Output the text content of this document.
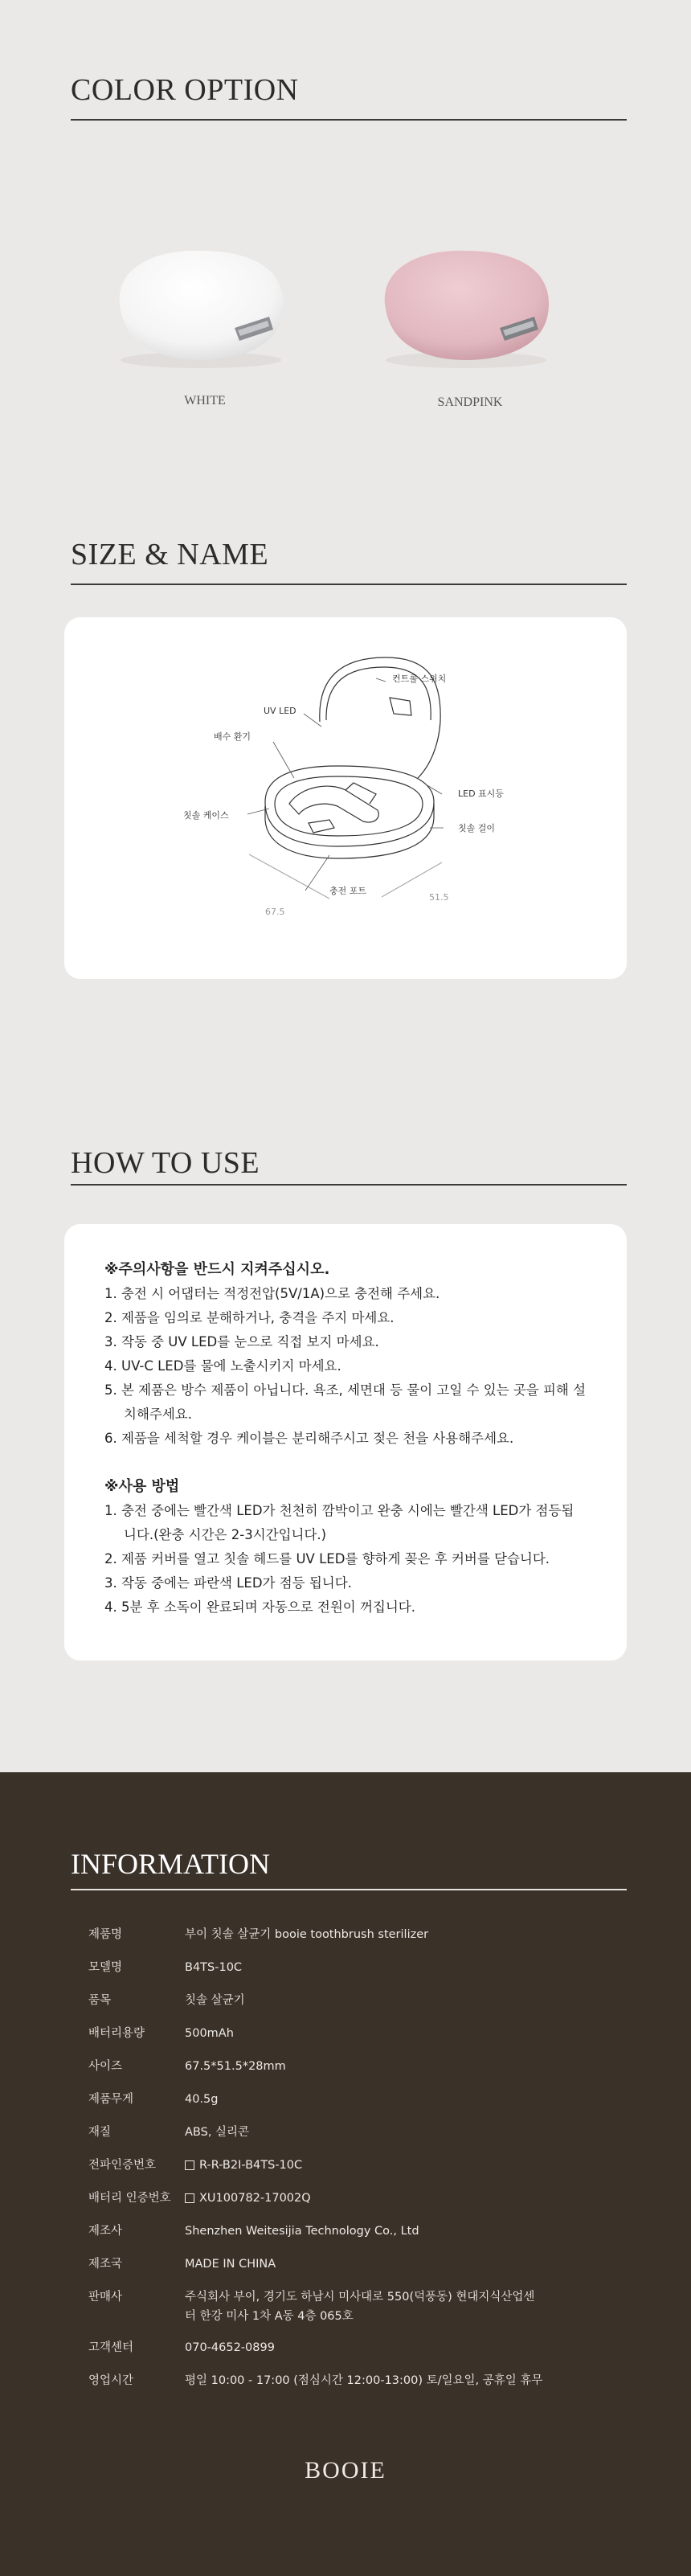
COLOR OPTION
WHITE	SANDPINK
SIZE & NAME
컨트롤 스위치
UV LED
배수 환기
LED 표시등
칫솔 케이스
칫솔 걸이
충전 포트
67.5
51.5
HOW TO USE
※주의사항을 반드시 지켜주십시오.
1. 충전 시 어댑터는 적정전압(5V/1A)으로 충전해 주세요.
2. 제품을 임의로 분해하거나, 충격을 주지 마세요.
3. 작동 중 UV LED를 눈으로 직접 보지 마세요.
4. UV-C LED를 물에 노출시키지 마세요.
5. 본 제품은 방수 제품이 아닙니다. 욕조, 세면대 등 물이 고일 수 있는 곳을 피해 설치해주세요.
6. 제품을 세척할 경우 케이블은 분리해주시고 젖은 천을 사용해주세요.
※사용 방법
1. 충전 중에는 빨간색 LED가 천천히 깜박이고 완충 시에는 빨간색 LED가 점등됩니다.(완충 시간은 2-3시간입니다.)
2. 제품 커버를 열고 칫솔 헤드를 UV LED를 향하게 꽂은 후 커버를 닫습니다.
3. 작동 중에는 파란색 LED가 점등 됩니다.
4. 5분 후 소독이 완료되며 자동으로 전원이 꺼집니다.
INFORMATION
제품명	부이 칫솔 살균기 booie toothbrush sterilizer
모델명	B4TS-10C
품목	칫솔 살균기
배터리용량	500mAh
사이즈	67.5*51.5*28mm
제품무게	40.5g
재질	ABS, 실리콘
전파인증번호	R-R-B2I-B4TS-10C
배터리 인증번호	XU100782-17002Q
제조사	Shenzhen Weitesijia Technology Co., Ltd
제조국	MADE IN CHINA
판매사	주식회사 부이, 경기도 하남시 미사대로 550(덕풍동) 현대지식산업센터 한강 미사 1차 A동 4층 065호
고객센터	070-4652-0899
영업시간	평일 10:00 - 17:00 (점심시간 12:00-13:00) 토/일요일, 공휴일 휴무
BOOIE
